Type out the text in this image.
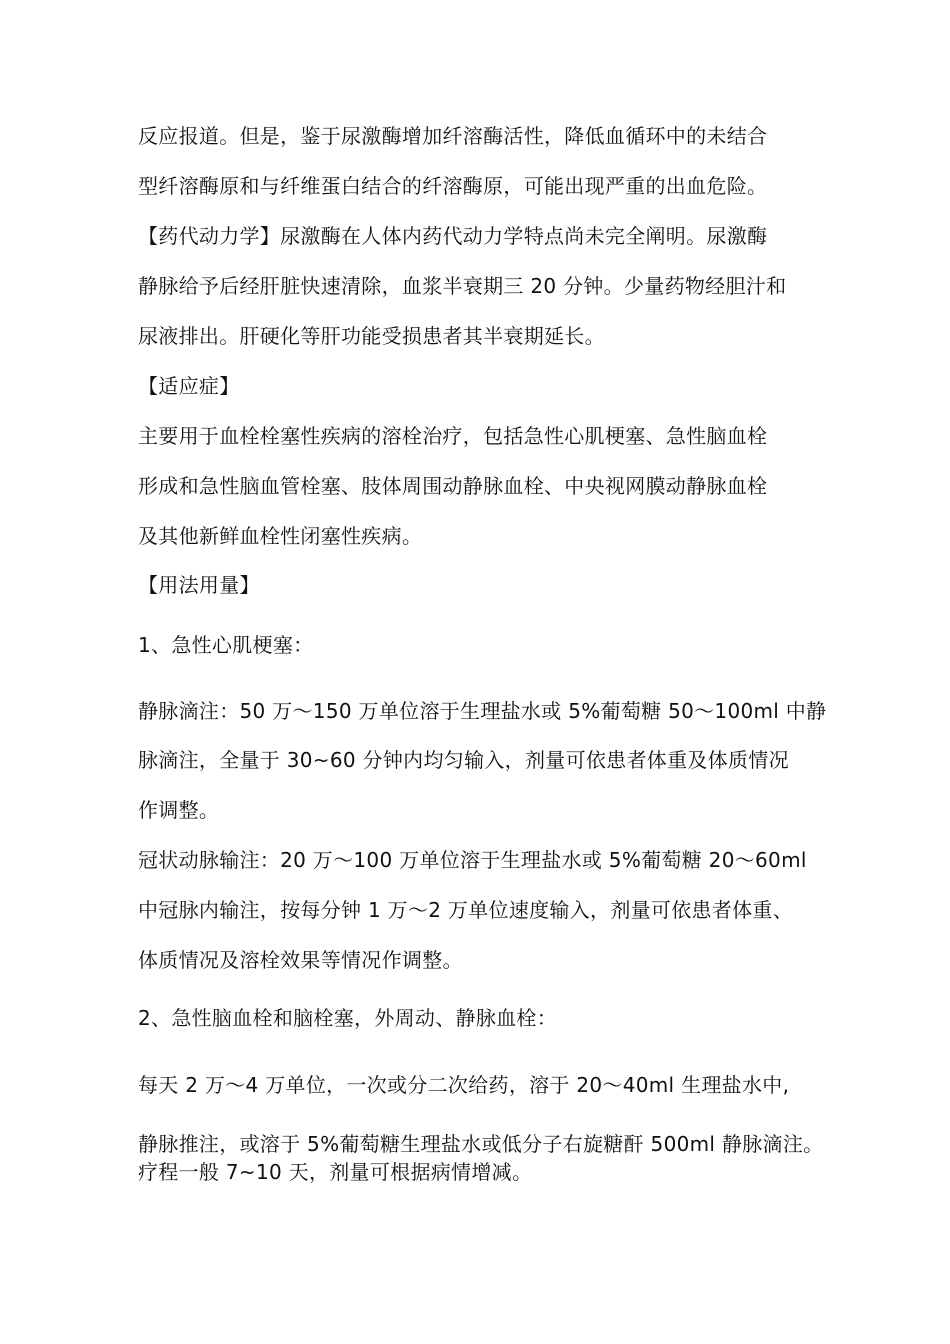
反应报道。但是，鉴于尿激酶增加纤溶酶活性，降低血循环中的未结合
型纤溶酶原和与纤维蛋白结合的纤溶酶原，可能出现严重的出血危险。
【药代动力学】尿激酶在人体内药代动力学特点尚未完全阐明。尿激酶
静脉给予后经肝脏快速清除，血浆半衰期三 20 分钟。少量药物经胆汁和
尿液排出。肝硬化等肝功能受损患者其半衰期延长。
【适应症】
主要用于血栓栓塞性疾病的溶栓治疗，包括急性心肌梗塞、急性脑血栓
形成和急性脑血管栓塞、肢体周围动静脉血栓、中央视网膜动静脉血栓
及其他新鲜血栓性闭塞性疾病。
【用法用量】
1、急性心肌梗塞：
静脉滴注：50 万〜150 万单位溶于生理盐水或 5%葡萄糖 50〜100ml 中静
脉滴注，全量于 30~60 分钟内均匀输入，剂量可依患者体重及体质情况
作调整。
冠状动脉输注：20 万〜100 万单位溶于生理盐水或 5%葡萄糖 20〜60ml
中冠脉内输注，按每分钟 1 万〜2 万单位速度输入，剂量可依患者体重、
体质情况及溶栓效果等情况作调整。
2、急性脑血栓和脑栓塞，外周动、静脉血栓：
每天 2 万〜4 万单位，一次或分二次给药，溶于 20〜40ml 生理盐水中,
静脉推注，或溶于 5%葡萄糖生理盐水或低分子右旋糖酐 500ml 静脉滴注。
疗程一般 7~10 天，剂量可根据病情增减。
